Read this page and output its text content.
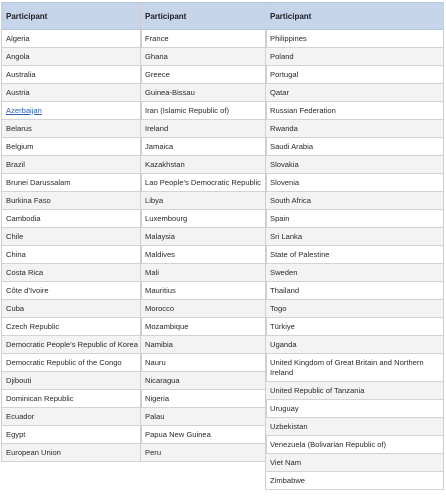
Participant
Algeria
Angola
Australia
Austria
Azerbaijan
Belarus
Belgium
Brazil
Brunei Darussalam
Burkina Faso
Cambodia
Chile
China
Costa Rica
Côte d’Ivoire
Cuba
Czech Republic
Democratic People’s Republic of Korea
Democratic Republic of the Congo
Djibouti
Dominican Republic
Ecuador
Egypt
European Union
Participant
France
Ghana
Greece
Guinea-Bissau
Iran (Islamic Republic of)
Ireland
Jamaica
Kazakhstan
Lao People’s Democratic Republic
Libya
Luxembourg
Malaysia
Maldives
Mali
Mauritius
Morocco
Mozambique
Namibia
Nauru
Nicaragua
Nigeria
Palau
Papua New Guinea
Peru
Participant
Philippines
Poland
Portugal
Qatar
Russian Federation
Rwanda
Saudi Arabia
Slovakia
Slovenia
South Africa
Spain
Sri Lanka
State of Palestine
Sweden
Thailand
Togo
Türkiye
Uganda
United Kingdom of Great Britain and Northern Ireland
United Republic of Tanzania
Uruguay
Uzbekistan
Venezuela (Bolivarian Republic of)
Viet Nam
Zimbabwe
